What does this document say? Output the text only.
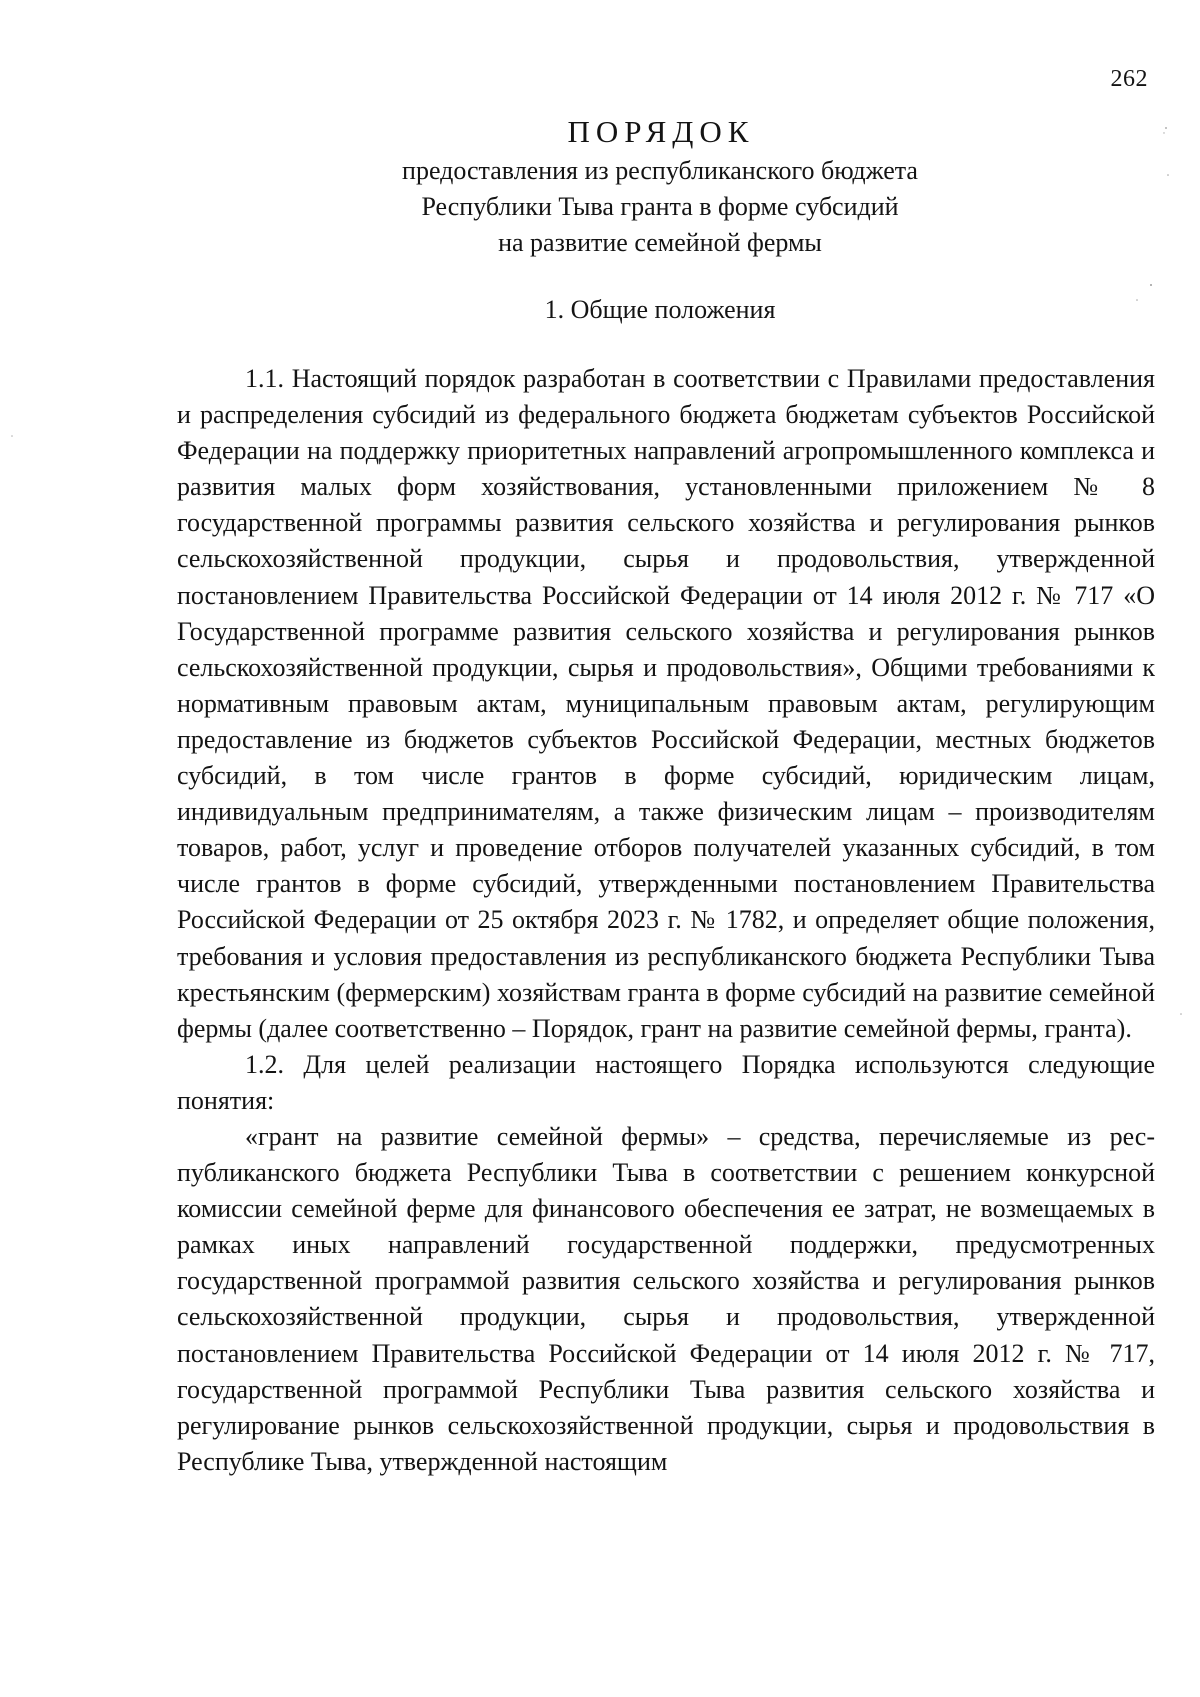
262
ПОРЯДОК
предоставления из республиканского бюджета
Республики Тыва гранта в форме субсидий
на развитие семейной фермы
1. Общие положения

1.1. Настоящий порядок разработан в соответствии с Правилами предоставления и распределения субсидий из федерального бюджета бюджетам субъектов Российской Федерации на поддержку приоритетных направлений агропромышленного комплекса и развития малых форм хозяйствования, установленными приложением № 8 государственной программы развития сельского хозяйства и регулирования рынков сельскохозяйственной продукции, сырья и продовольствия, утвержденной постановлением Правительства Российской Федерации от 14 июля 2012 г. № 717 «О Государственной программе развития сельского хозяйства и регулирования рынков сельскохозяйственной продукции, сырья и продовольствия», Общими требованиями к нормативным правовым актам, муниципальным правовым актам, регулирующим предоставление из бюджетов субъектов Российской Федерации, местных бюджетов субсидий, в том числе грантов в форме субсидий, юридическим лицам, индивидуальным предпринимателям, а также физическим лицам – производителям товаров, работ, услуг и проведение отборов получателей указанных субсидий, в том числе грантов в форме субсидий, утвержденными постановлением Правительства Российской Федерации от 25 октября 2023 г. № 1782, и определяет общие положения, требования и условия предоставления из республиканского бюджета Республики Тыва крестьянским (фермерским) хозяйствам гранта в форме субсидий на развитие семейной фермы (далее соответственно – Порядок, грант на развитие семейной фермы, гранта).

1.2. Для целей реализации настоящего Порядка используются следующие понятия:

«грант на развитие семейной фермы» – средства, перечисляемые из республиканского бюджета Республики Тыва в соответствии с решением конкурсной комиссии семейной ферме для финансового обеспечения ее затрат, не возмещаемых в рамках иных направлений государственной поддержки, предусмотренных государственной программой развития сельского хозяйства и регулирования рынков сельскохозяйственной продукции, сырья и продовольствия, утвержденной постановлением Правительства Российской Федерации от 14 июля 2012 г. № 717, государственной программой Республики Тыва развития сельского хозяйства и регулирование рынков сельскохозяйственной продукции, сырья и продовольствия в Республике Тыва, утвержденной настоящим
